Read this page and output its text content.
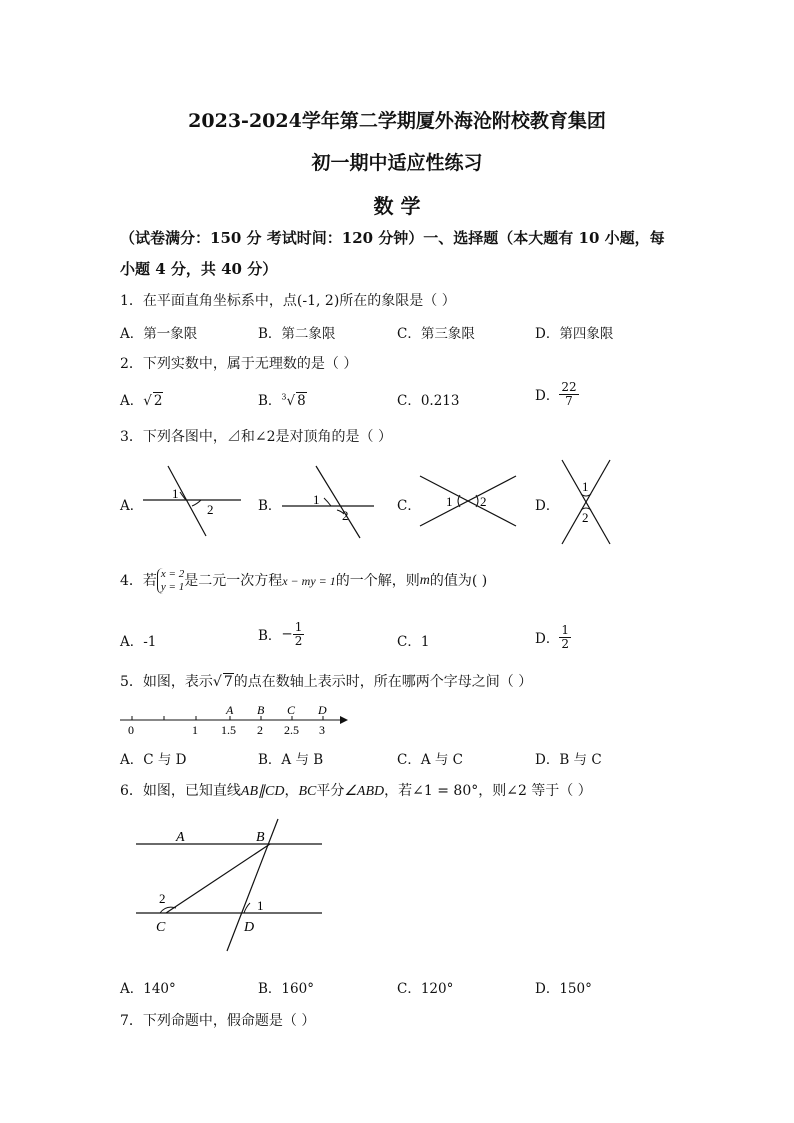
2023-2024学年第二学期厦外海沧附校教育集团
初一期中适应性练习
数 学
（试卷满分：150 分 考试时间：120 分钟）一、选择题（本大题有 10 小题，每
小题 4 分，共 40 分）
1．在平面直角坐标系中，点(-1, 2)所在的象限是（ ）
A．第一象限	B．第二象限	C．第三象限	D．第四象限
2．下列实数中，属于无理数的是（ ）
A．√ 2	B．$^3$√ 8	C．0.213	D． $\frac{22}{7}$
3．下列各图中，⊿和∠2是对顶角的是（ ）
A．	B．	C．	D．
1
2
1
2
1 2
1
2
4．若 x = 2
y = 1 是二元一次方程x − my = 1的一个解，则m的值为( )
A．-1	B．− $\frac{1}{2}$	C．1	D． $\frac{1}{2}$
5．如图，表示√ 7的点在数轴上表示时，所在哪两个字母之间（ ）
A B C D
0	1 1.5 2 2.5 3
A．C 与 D	B．A 与 B	C．A 与 C	D．B 与 C
6．如图，已知直线AB∥CD，BC平分∠ABD，若∠1 = 80°，则∠2 等于（ ）
A	B
C	D
1
2
A．140°	B．160°	C．120°	D．150°
7．下列命题中，假命题是（ ）
